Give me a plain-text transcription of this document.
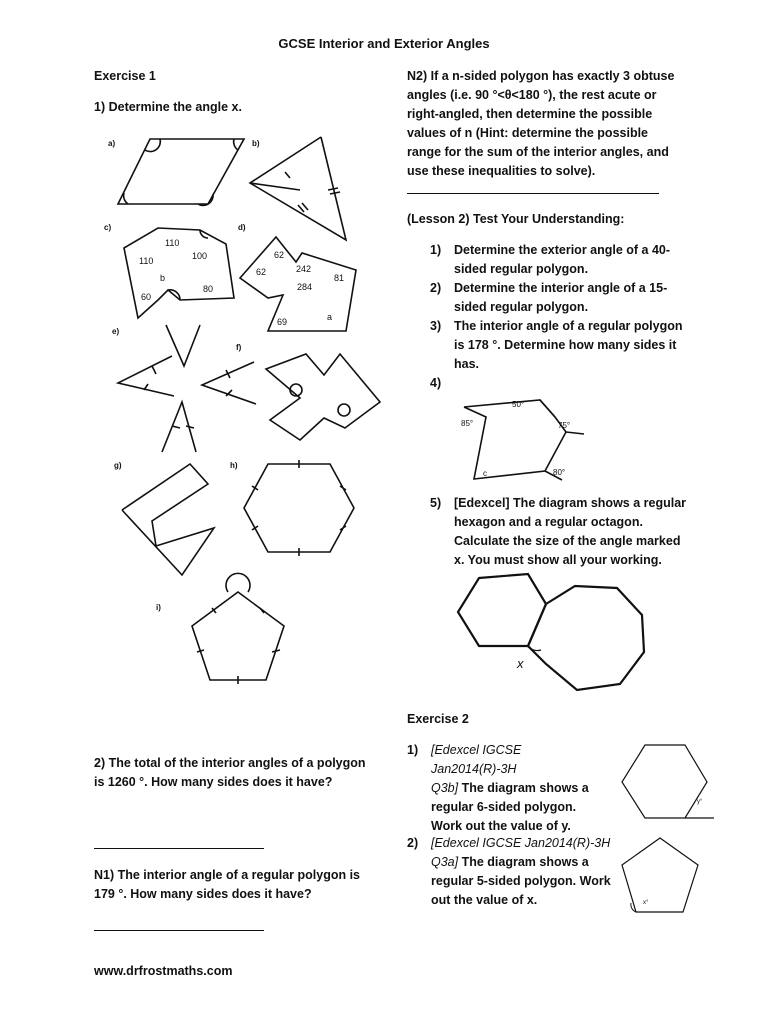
GCSE Interior and Exterior Angles
Exercise 1
1) Determine the angle x.
a)	b)
c)	d)
e)
f)
g)	h)
i)
110
100
110
b
80
60
62
62	242
81
284
69	a
2) The total of the interior angles of a polygon
is 1260 °. How many sides does it have?
N1) The interior angle of a regular polygon is
179 °. How many sides does it have?
N2) If a n-sided polygon has exactly 3 obtuse
angles (i.e. 90 °<θ<180 °), the rest acute or
right-angled, then determine the possible
values of n (Hint: determine the possible
range for the sum of the interior angles, and
use these inequalities to solve).
(Lesson 2) Test Your Understanding:
1)	Determine the exterior angle of a 40-
sided regular polygon.
2)	Determine the interior angle of a 15-
sided regular polygon.
3)	The interior angle of a regular polygon
is 178 °. Determine how many sides it
has.
4)
50°
75°
85°
80°
c
5)	[Edexcel] The diagram shows a regular
hexagon and a regular octagon.
Calculate the size of the angle marked
x. You must show all your working.
x
Exercise 2
1)	[Edexcel IGCSE Jan2014(R)-3H
Q3b] The diagram shows a
regular 6-sided polygon.
Work out the value of y.
y°
2)	[Edexcel IGCSE Jan2014(R)-3H
Q3a] The diagram shows a
regular 5-sided polygon. Work
out the value of x.	x°
www.drfrostmaths.com
